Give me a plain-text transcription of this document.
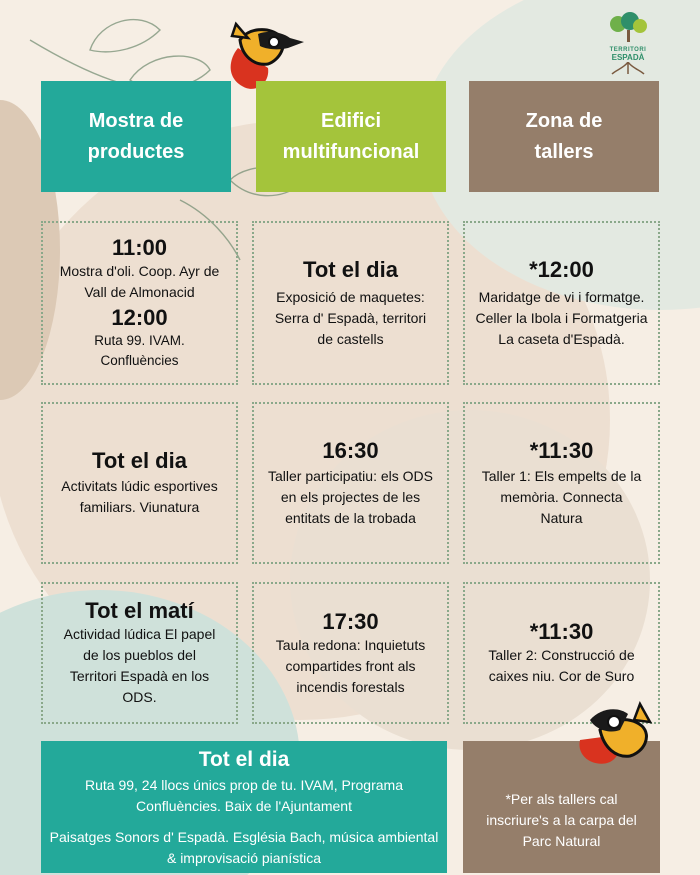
TERRITORI
ESPADÀ
Mostra de productes
Edifici multifuncional
Zona de tallers
11:00
Mostra d'oli. Coop. Ayr de Vall de Almonacid
12:00
Ruta 99. IVAM. Confluències
Tot el dia
Exposició de maquetes: Serra d' Espadà, territori de castells
*12:00
Maridatge de vi i formatge. Celler la Ibola i Formatgeria La caseta d'Espadà.
Tot el dia
Activitats lúdic esportives familiars. Viunatura
16:30
Taller participatiu: els ODS en els projectes de les entitats de la trobada
*11:30
Taller 1: Els empelts de la memòria. Connecta Natura
Tot el matí
Actividad lúdica El papel de los pueblos del Territori Espadà en los ODS.
17:30
Taula redona: Inquietuts compartides front als incendis forestals
*11:30
Taller 2: Construcció de caixes niu. Cor de Suro
Tot el dia
Ruta 99, 24 llocs únics prop de tu. IVAM, Programa Confluències. Baix de l'Ajuntament
Paisatges Sonors d' Espadà. Església Bach, música ambiental & improvisació pianística
*Per als tallers cal inscriure's a la carpa del Parc Natural
